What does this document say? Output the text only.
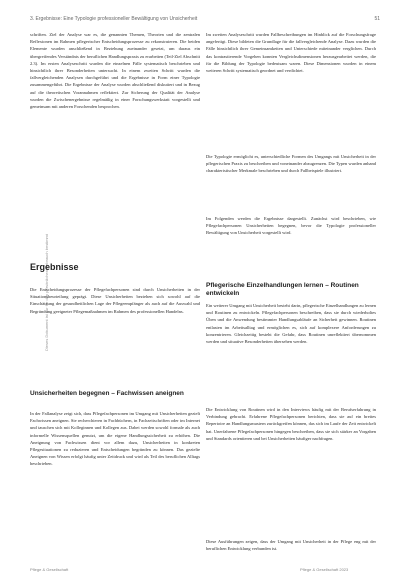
Dieses Dokument ist nur für den persönlichen Gebrauch bestimmt
3. Ergebnisse: Eine Typologie professioneller Bewältigung von Unsicherheit	51

schriften. Ziel der Analyse war es, die genannten Themen, Theorien und die zentralen Reflexionen im Rahmen pflegerischer Entscheidungsprozesse zu rekonstruieren. Die beiden Elemente wurden anschließend in Beziehung zueinander gesetzt, um daraus ein übergreifendes Verständnis der beruflichen Handlungspraxis zu erarbeiten (Teil-Ziel Abschnitt 2.3). Im ersten Analyseschritt wurden die einzelnen Fälle systematisch beschrieben und hinsichtlich ihrer Besonderheiten untersucht. In einem zweiten Schritt wurden die fallvergleichenden Analysen durchgeführt und die Ergebnisse in Form einer Typologie zusammengeführt. Die Ergebnisse der Analyse wurden abschließend diskutiert und in Bezug auf die theoretischen Vorannahmen reflektiert. Zur Sicherung der Qualität der Analyse wurden die Zwischenergebnisse regelmäßig in einer Forschungswerkstatt vorgestellt und gemeinsam mit anderen Forschenden besprochen.

Ergebnisse

Die Entscheidungsprozesse der Pflegefachpersonen sind durch Unsicherheiten in der Situationsbeurteilung geprägt. Diese Unsicherheiten beziehen sich sowohl auf die Einschätzung der gesundheitlichen Lage der Pflegeempfänger als auch auf die Auswahl und Begründung geeigneter Pflegemaßnahmen im Rahmen des professionellen Handelns.

Unsicherheiten begegnen – Fachwissen aneignen

In der Fallanalyse zeigt sich, dass Pflegefachpersonen im Umgang mit Unsicherheiten gezielt Fachwissen aneignen. Sie recherchieren in Fachbüchern, in Fachzeitschriften oder im Internet und tauschen sich mit Kolleginnen und Kollegen aus. Dabei werden sowohl formale als auch informelle Wissensquellen genutzt, um die eigene Handlungssicherheit zu erhöhen. Die Aneignung von Fachwissen dient vor allem dazu, Unsicherheiten in konkreten Pflegesituationen zu reduzieren und Entscheidungen begründen zu können. Das gezielte Aneignen von Wissen erfolgt häufig unter Zeitdruck und wird als Teil des beruflichen Alltags beschrieben.

Im zweiten Analyseschritt wurden Fallbeschreibungen im Hinblick auf die Forschungsfrage angefertigt. Diese bildeten die Grundlage für die fallvergleichende Analyse. Dazu wurden die Fälle hinsichtlich ihrer Gemeinsamkeiten und Unterschiede miteinander verglichen. Durch das kontrastierende Vorgehen konnten Vergleichsdimensionen herausgearbeitet werden, die für die Bildung der Typologie bedeutsam waren. Diese Dimensionen wurden in einem weiteren Schritt systematisch geordnet und verdichtet.

Die Typologie ermöglicht es, unterschiedliche Formen des Umgangs mit Unsicherheit in der pflegerischen Praxis zu beschreiben und voneinander abzugrenzen. Die Typen wurden anhand charakteristischer Merkmale beschrieben und durch Fallbeispiele illustriert.

Im Folgenden werden die Ergebnisse dargestellt. Zunächst wird beschrieben, wie Pflegefachpersonen Unsicherheiten begegnen, bevor die Typologie professioneller Bewältigung von Unsicherheit vorgestellt wird.

Pflegerische Einzelhandlungen lernen – Routinen entwickeln

Ein weiterer Umgang mit Unsicherheit besteht darin, pflegerische Einzelhandlungen zu lernen und Routinen zu entwickeln. Pflegefachpersonen beschreiben, dass sie durch wiederholtes Üben und die Anwendung bestimmter Handlungsabläufe an Sicherheit gewinnen. Routinen entlasten im Arbeitsalltag und ermöglichen es, sich auf komplexere Anforderungen zu konzentrieren. Gleichzeitig besteht die Gefahr, dass Routinen unreflektiert übernommen werden und situative Besonderheiten übersehen werden.

Die Entwicklung von Routinen wird in den Interviews häufig mit der Berufserfahrung in Verbindung gebracht. Erfahrene Pflegefachpersonen berichten, dass sie auf ein breites Repertoire an Handlungsmustern zurückgreifen können, das sich im Laufe der Zeit entwickelt hat. Unerfahrene Pflegefachpersonen hingegen beschreiben, dass sie sich stärker an Vorgaben und Standards orientieren und bei Unsicherheiten häufiger nachfragen.

Diese Ausführungen zeigen, dass der Umgang mit Unsicherheit in der Pflege eng mit der beruflichen Entwicklung verbunden ist.

Pflege & Gesellschaft	Pflege & Gesellschaft 2023
